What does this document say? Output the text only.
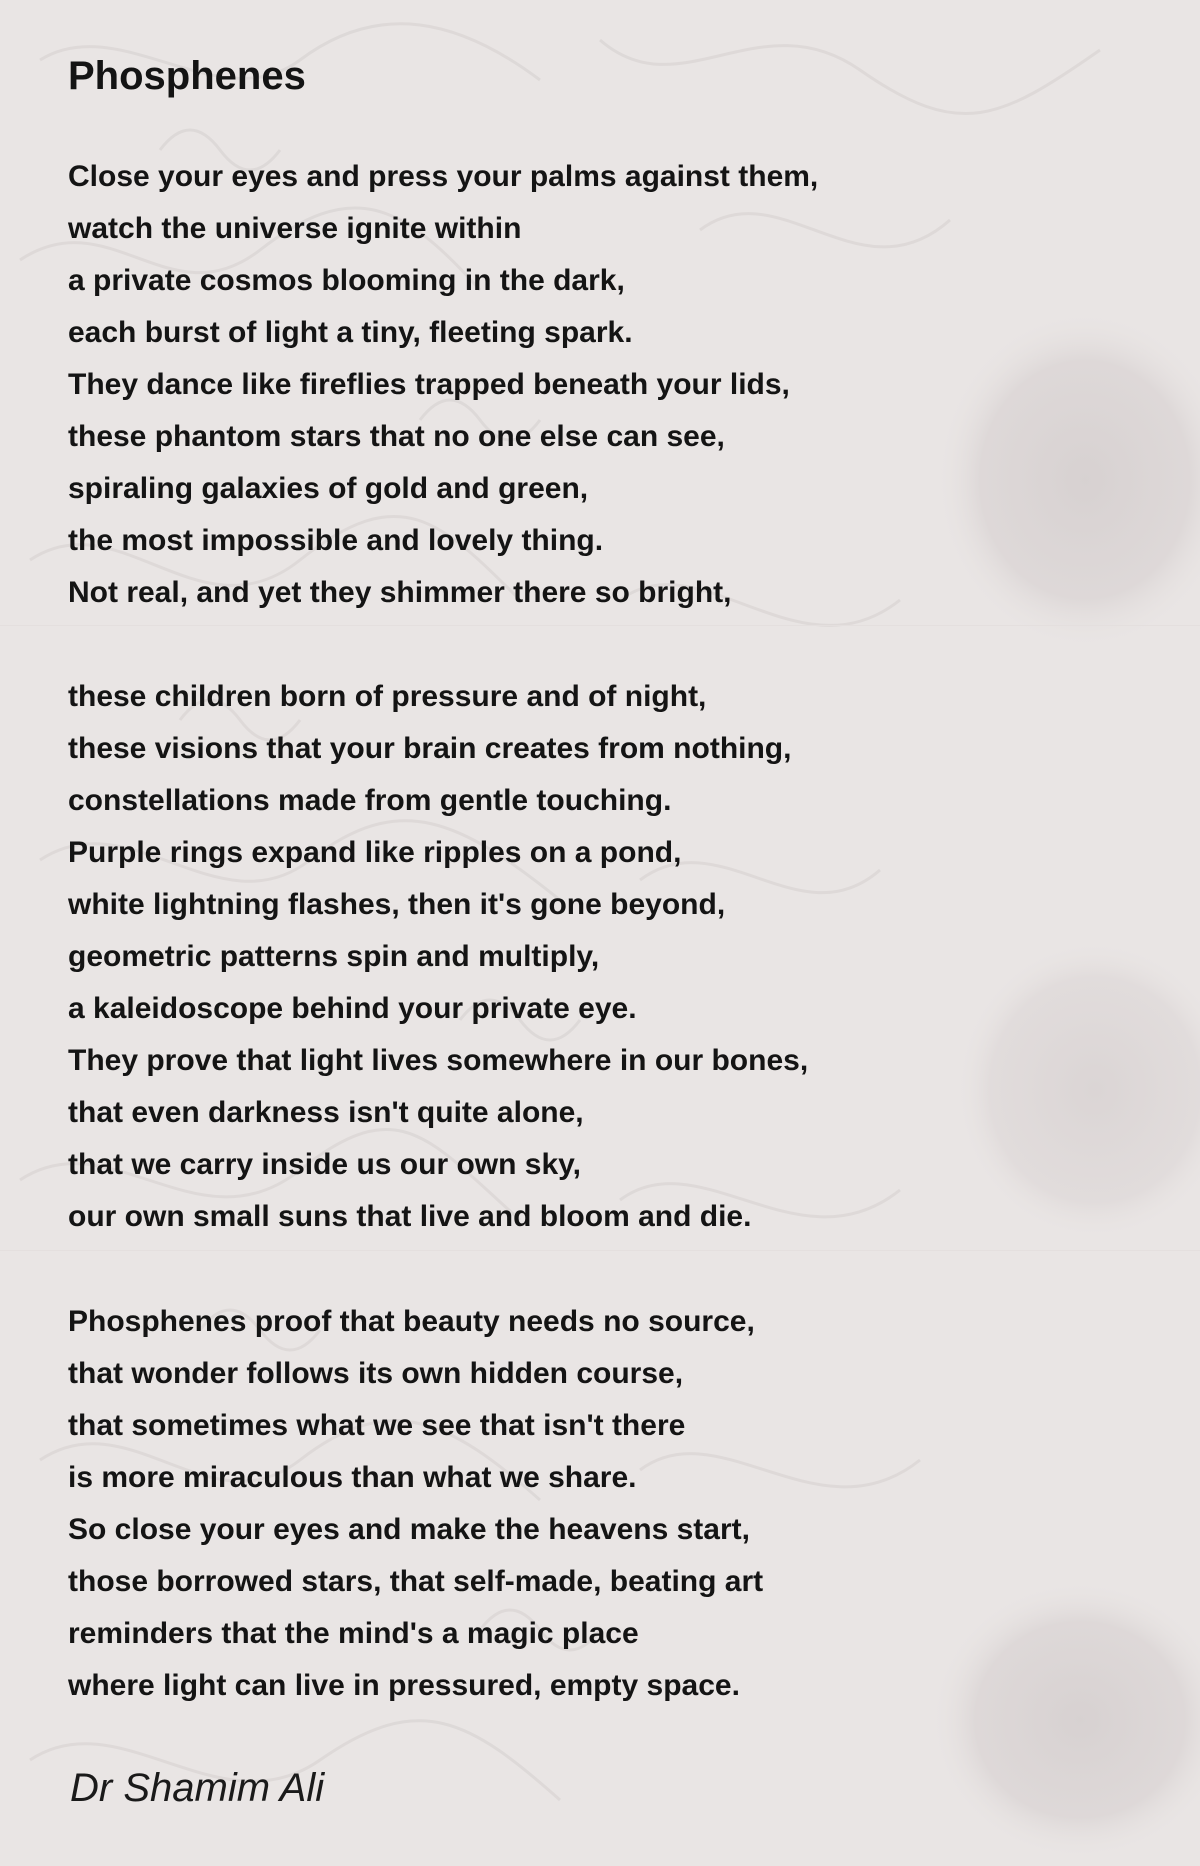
Phosphenes
Close your eyes and press your palms against them,
watch the universe ignite within
a private cosmos blooming in the dark,
each burst of light a tiny, fleeting spark.
They dance like fireflies trapped beneath your lids,
these phantom stars that no one else can see,
spiraling galaxies of gold and green,
the most impossible and lovely thing.
Not real, and yet they shimmer there so bright,
these children born of pressure and of night,
these visions that your brain creates from nothing,
constellations made from gentle touching.
Purple rings expand like ripples on a pond,
white lightning flashes, then it's gone beyond,
geometric patterns spin and multiply,
a kaleidoscope behind your private eye.
They prove that light lives somewhere in our bones,
that even darkness isn't quite alone,
that we carry inside us our own sky,
our own small suns that live and bloom and die.
Phosphenes proof that beauty needs no source,
that wonder follows its own hidden course,
that sometimes what we see that isn't there
is more miraculous than what we share.
So close your eyes and make the heavens start,
those borrowed stars, that self-made, beating art
reminders that the mind's a magic place
where light can live in pressured, empty space.

Dr Shamim Ali
